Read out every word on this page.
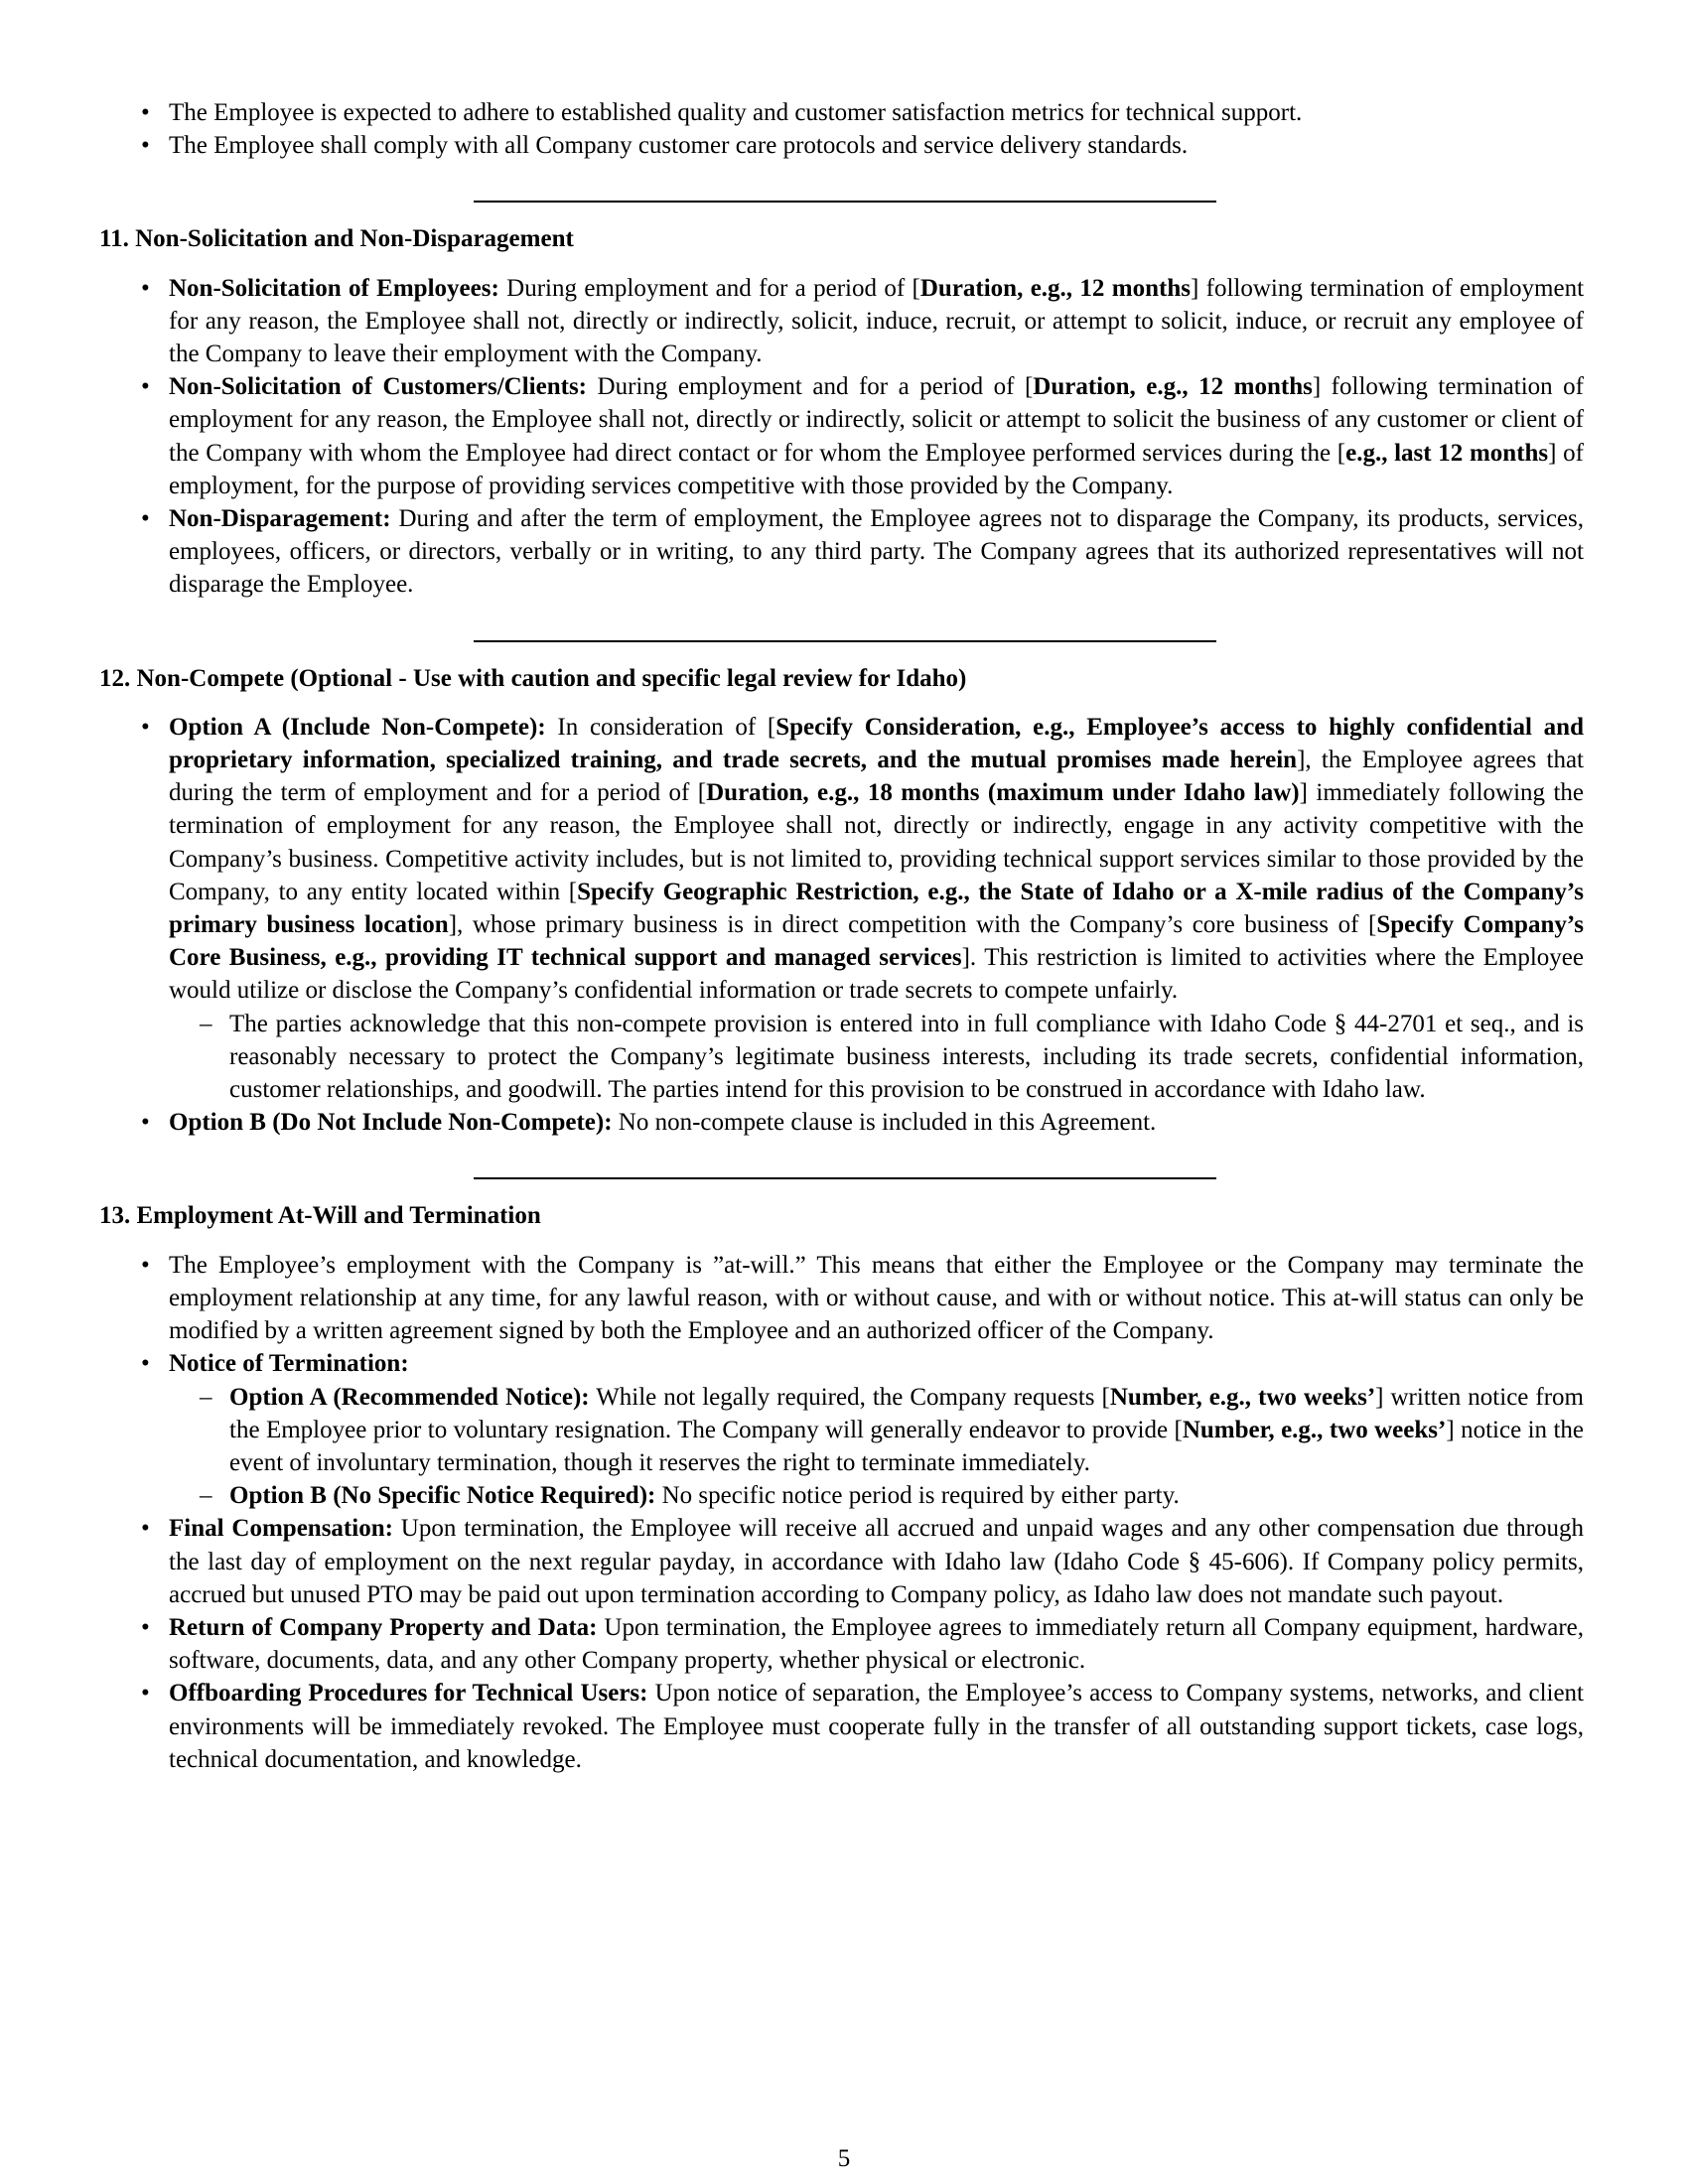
• The Employee is expected to adhere to established quality and customer satisfaction metrics for technical support.
• The Employee shall comply with all Company customer care protocols and service delivery standards.
11. Non-Solicitation and Non-Disparagement
• Non-Solicitation of Employees: During employment and for a period of [Duration, e.g., 12 months] following termination of employment for any reason, the Employee shall not, directly or indirectly, solicit, induce, recruit, or attempt to solicit, induce, or recruit any employee of the Company to leave their employment with the Company.
• Non-Solicitation of Customers/Clients: During employment and for a period of [Duration, e.g., 12 months] following termination of employment for any reason, the Employee shall not, directly or indirectly, solicit or attempt to solicit the business of any customer or client of the Company with whom the Employee had direct contact or for whom the Employee performed services during the [e.g., last 12 months] of employment, for the purpose of providing services competitive with those provided by the Company.
• Non-Disparagement: During and after the term of employment, the Employee agrees not to disparage the Company, its products, services, employees, officers, or directors, verbally or in writing, to any third party. The Company agrees that its authorized representatives will not disparage the Employee.
12. Non-Compete (Optional - Use with caution and specific legal review for Idaho)
• Option A (Include Non-Compete): In consideration of [Specify Consideration, e.g., Employee’s access to highly confidential and proprietary information, specialized training, and trade secrets, and the mutual promises made herein], the Employee agrees that during the term of employment and for a period of [Duration, e.g., 18 months (maximum under Idaho law)] immediately following the termination of employment for any reason, the Employee shall not, directly or indirectly, engage in any activity competitive with the Company’s business. Competitive activity includes, but is not limited to, providing technical support services similar to those provided by the Company, to any entity located within [Specify Geographic Restriction, e.g., the State of Idaho or a X-mile radius of the Company’s primary business location], whose primary business is in direct competition with the Company’s core business of [Specify Company’s Core Business, e.g., providing IT technical support and managed services]. This restriction is limited to activities where the Employee would utilize or disclose the Company’s confidential information or trade secrets to compete unfairly.
– The parties acknowledge that this non-compete provision is entered into in full compliance with Idaho Code § 44-2701 et seq., and is reasonably necessary to protect the Company’s legitimate business interests, including its trade secrets, confidential information, customer relationships, and goodwill. The parties intend for this provision to be construed in accordance with Idaho law.
• Option B (Do Not Include Non-Compete): No non-compete clause is included in this Agreement.
13. Employment At-Will and Termination
• The Employee’s employment with the Company is ”at-will.” This means that either the Employee or the Company may terminate the employment relationship at any time, for any lawful reason, with or without cause, and with or without notice. This at-will status can only be modified by a written agreement signed by both the Employee and an authorized officer of the Company.
• Notice of Termination:
– Option A (Recommended Notice): While not legally required, the Company requests [Number, e.g., two weeks’] written notice from the Employee prior to voluntary resignation. The Company will generally endeavor to provide [Number, e.g., two weeks’] notice in the event of involuntary termination, though it reserves the right to terminate immediately.
– Option B (No Specific Notice Required): No specific notice period is required by either party.
• Final Compensation: Upon termination, the Employee will receive all accrued and unpaid wages and any other compensation due through the last day of employment on the next regular payday, in accordance with Idaho law (Idaho Code § 45-606). If Company policy permits, accrued but unused PTO may be paid out upon termination according to Company policy, as Idaho law does not mandate such payout.
• Return of Company Property and Data: Upon termination, the Employee agrees to immediately return all Company equipment, hardware, software, documents, data, and any other Company property, whether physical or electronic.
• Offboarding Procedures for Technical Users: Upon notice of separation, the Employee’s access to Company systems, networks, and client environments will be immediately revoked. The Employee must cooperate fully in the transfer of all outstanding support tickets, case logs, technical documentation, and knowledge.
5
